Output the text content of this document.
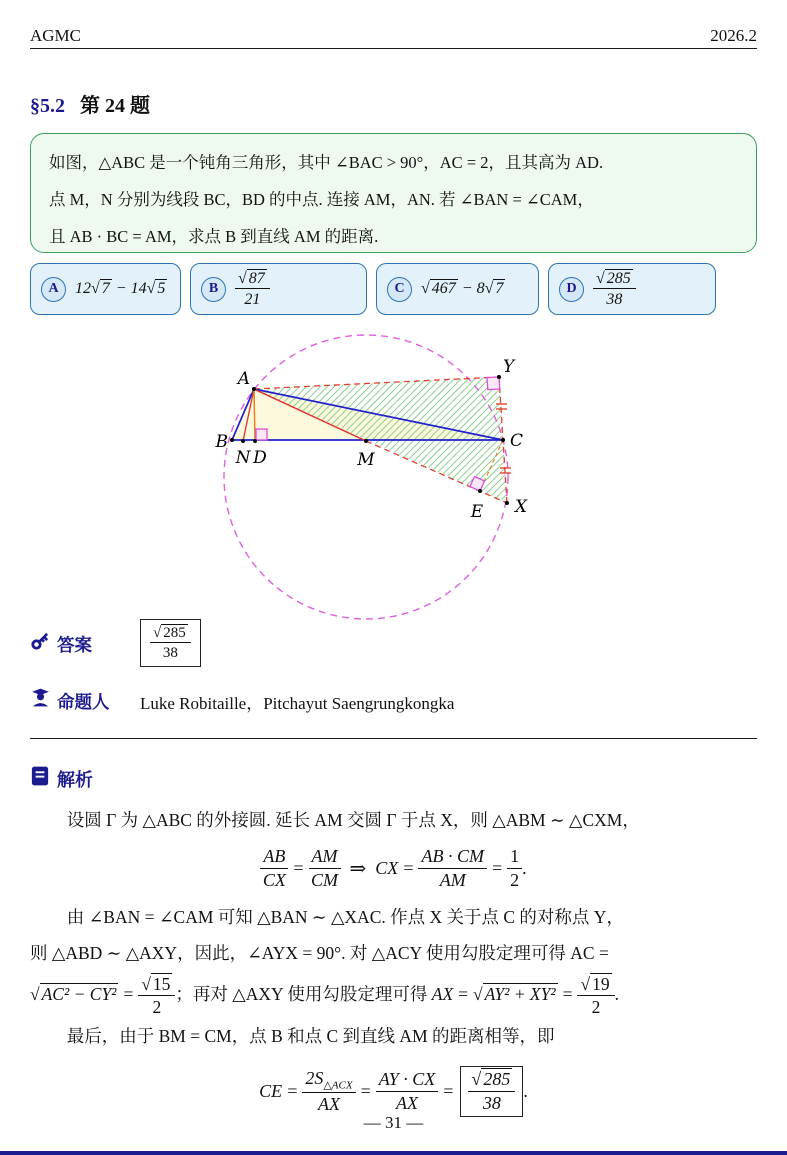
AGMC	2026.2
§5.2 第 24 题
如图，△ABC 是一个钝角三角形，其中 ∠BAC > 90°，AC = 2，且其高为 AD.
点 M，N 分别为线段 BC，BD 的中点. 连接 AM，AN. 若 ∠BAN = ∠CAM，
且 AB · BC = AM，求点 B 到直线 AM 的距离.
A	12√ 7 − 14√ 5	B	$\frac{√ 87}{21}$	C	√ 467 − 8√ 7	D	$\frac{√ 285}{38}$
A
B	C
N D	M
E X
Y
答案	$\frac{√ 285}{38}$
命题人 Luke Robitaille，Pitchayut Saengrungkongka
解析
设圆 Γ 为 △ABC 的外接圆. 延长 AM 交圆 Γ 于点 X，则 △ABM ∼ △CXM，
$\frac{AB}{CX} = \frac{AM}{CM}$ ⇒ CX = $\frac{AB \cdot CM}{AM} = \frac{1}{2}$ .
由 ∠BAN = ∠CAM 可知 △BAN ∼ △XAC. 作点 X 关于点 C 的对称点 Y，
则 △ABD ∼ △AXY，因此，∠AYX = 90°. 对 △ACY 使用勾股定理可得 AC =
√ $AC^2 - CY^2 = \frac{√ 15}{2}$ ；再对 △AXY 使用勾股定理可得 AX = √ $AY^2 + XY^2 = \frac{√ 19}{2}$ .
最后，由于 BM = CM，点 B 和点 C 到直线 AM 的距离相等，即
CE = $\frac{2S_{\triangle ACX}}{AX} = \frac{AY \cdot CX}{AX} = \frac{√ 285}{38}$ .
— 31 —
